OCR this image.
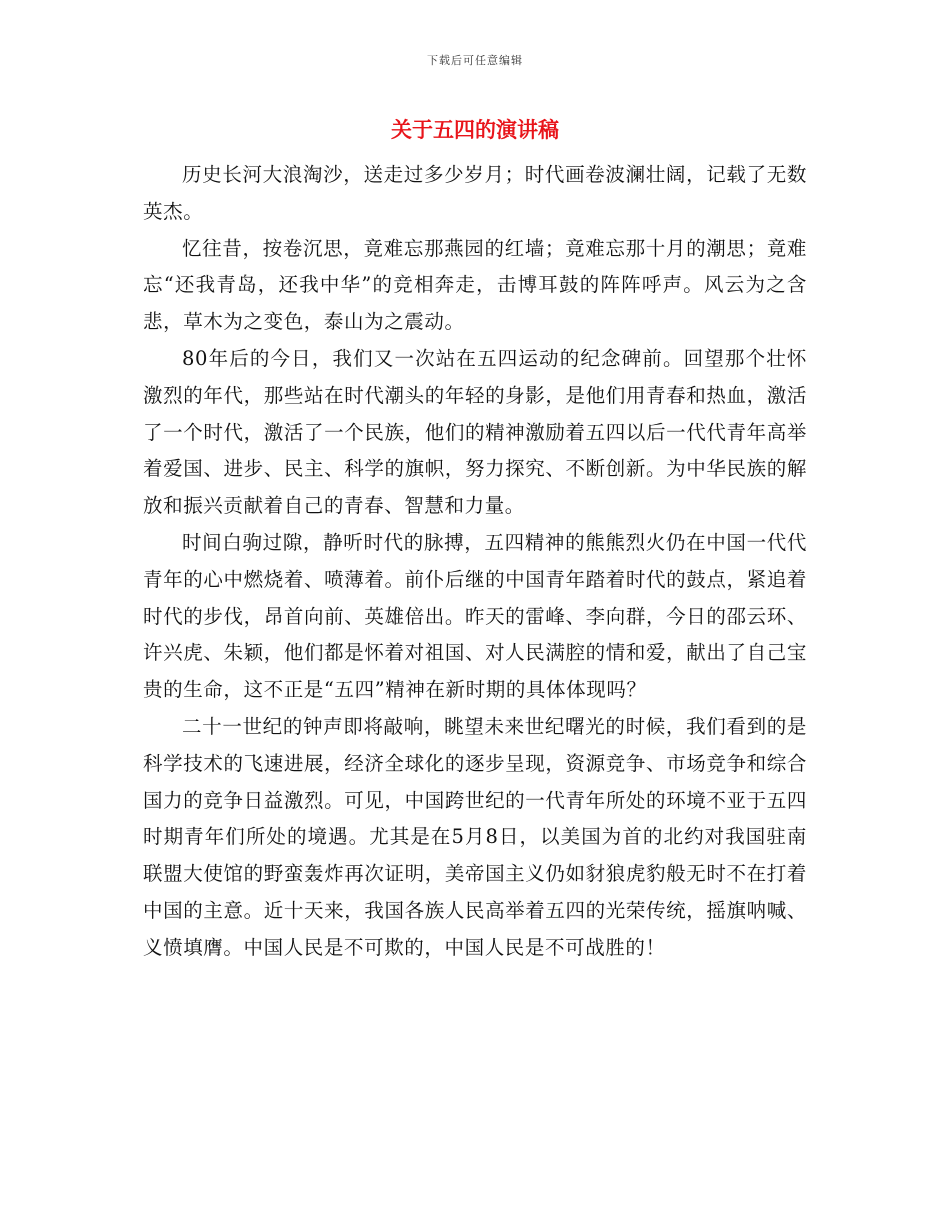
下载后可任意编辑
关于五四的演讲稿

历史长河大浪淘沙，送走过多少岁月；时代画卷波澜壮阔，记载了无数英杰。

忆往昔，按卷沉思，竟难忘那燕园的红墙；竟难忘那十月的潮思；竟难忘“还我青岛，还我中华”的竞相奔走，击博耳鼓的阵阵呼声。风云为之含悲，草木为之变色，泰山为之震动。

80年后的今日，我们又一次站在五四运动的纪念碑前。回望那个壮怀激烈的年代，那些站在时代潮头的年轻的身影，是他们用青春和热血，激活了一个时代，激活了一个民族，他们的精神激励着五四以后一代代青年高举着爱国、进步、民主、科学的旗帜，努力探究、不断创新。为中华民族的解放和振兴贡献着自己的青春、智慧和力量。

时间白驹过隙，静听时代的脉搏，五四精神的熊熊烈火仍在中国一代代青年的心中燃烧着、喷薄着。前仆后继的中国青年踏着时代的鼓点，紧追着时代的步伐，昂首向前、英雄倍出。昨天的雷峰、李向群，今日的邵云环、许兴虎、朱颖，他们都是怀着对祖国、对人民满腔的情和爱，献出了自己宝贵的生命，这不正是“五四”精神在新时期的具体体现吗？

二十一世纪的钟声即将敲响，眺望未来世纪曙光的时候，我们看到的是科学技术的飞速进展，经济全球化的逐步呈现，资源竞争、市场竞争和综合国力的竞争日益激烈。可见，中国跨世纪的一代青年所处的环境不亚于五四时期青年们所处的境遇。尤其是在5月8日，以美国为首的北约对我国驻南联盟大使馆的野蛮轰炸再次证明，美帝国主义仍如豺狼虎豹般无时不在打着中国的主意。近十天来，我国各族人民高举着五四的光荣传统，摇旗呐喊、义愤填膺。中国人民是不可欺的，中国人民是不可战胜的！
